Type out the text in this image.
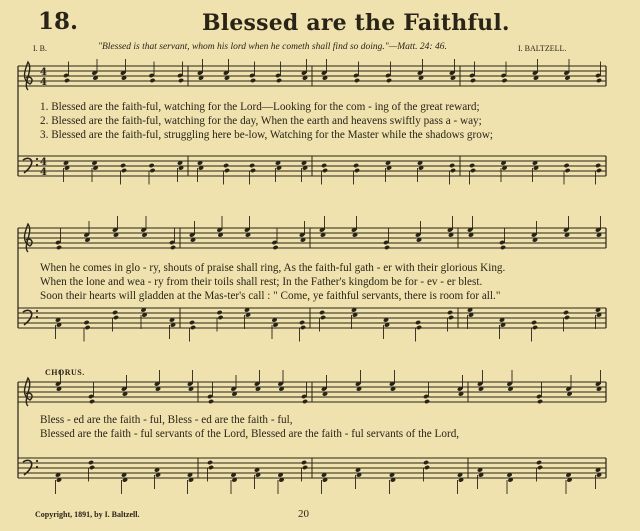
18.	Blessed are the Faithful.
I. B.	"Blessed is that servant, whom his lord when he cometh shall find so doing."—Matt. 24: 46.	I. BALTZELL.
4
4
4
4
1. Blessed are the faith-ful, watching for the Lord—Looking for the com - ing of the great reward;
2. Blessed are the faith-ful, watching for the day, When the earth and heavens swiftly pass a - way;
3. Blessed are the faith-ful, struggling here be-low, Watching for the Master while the shadows grow;
When he comes in glo - ry, shouts of praise shall ring, As the faith-ful gath - er with their glorious King.
When the lone and wea - ry from their toils shall rest; In the Father's kingdom be for - ev - er blest.
Soon their hearts will gladden at the Mas-ter's call : " Come, ye faithful servants, there is room for all."
CHORUS.
Bless - ed are the faith - ful, Bless - ed are the faith - ful,
Blessed are the faith - ful servants of the Lord, Blessed are the faith - ful servants of the Lord,
Copyright, 1891, by I. Baltzell.	20
